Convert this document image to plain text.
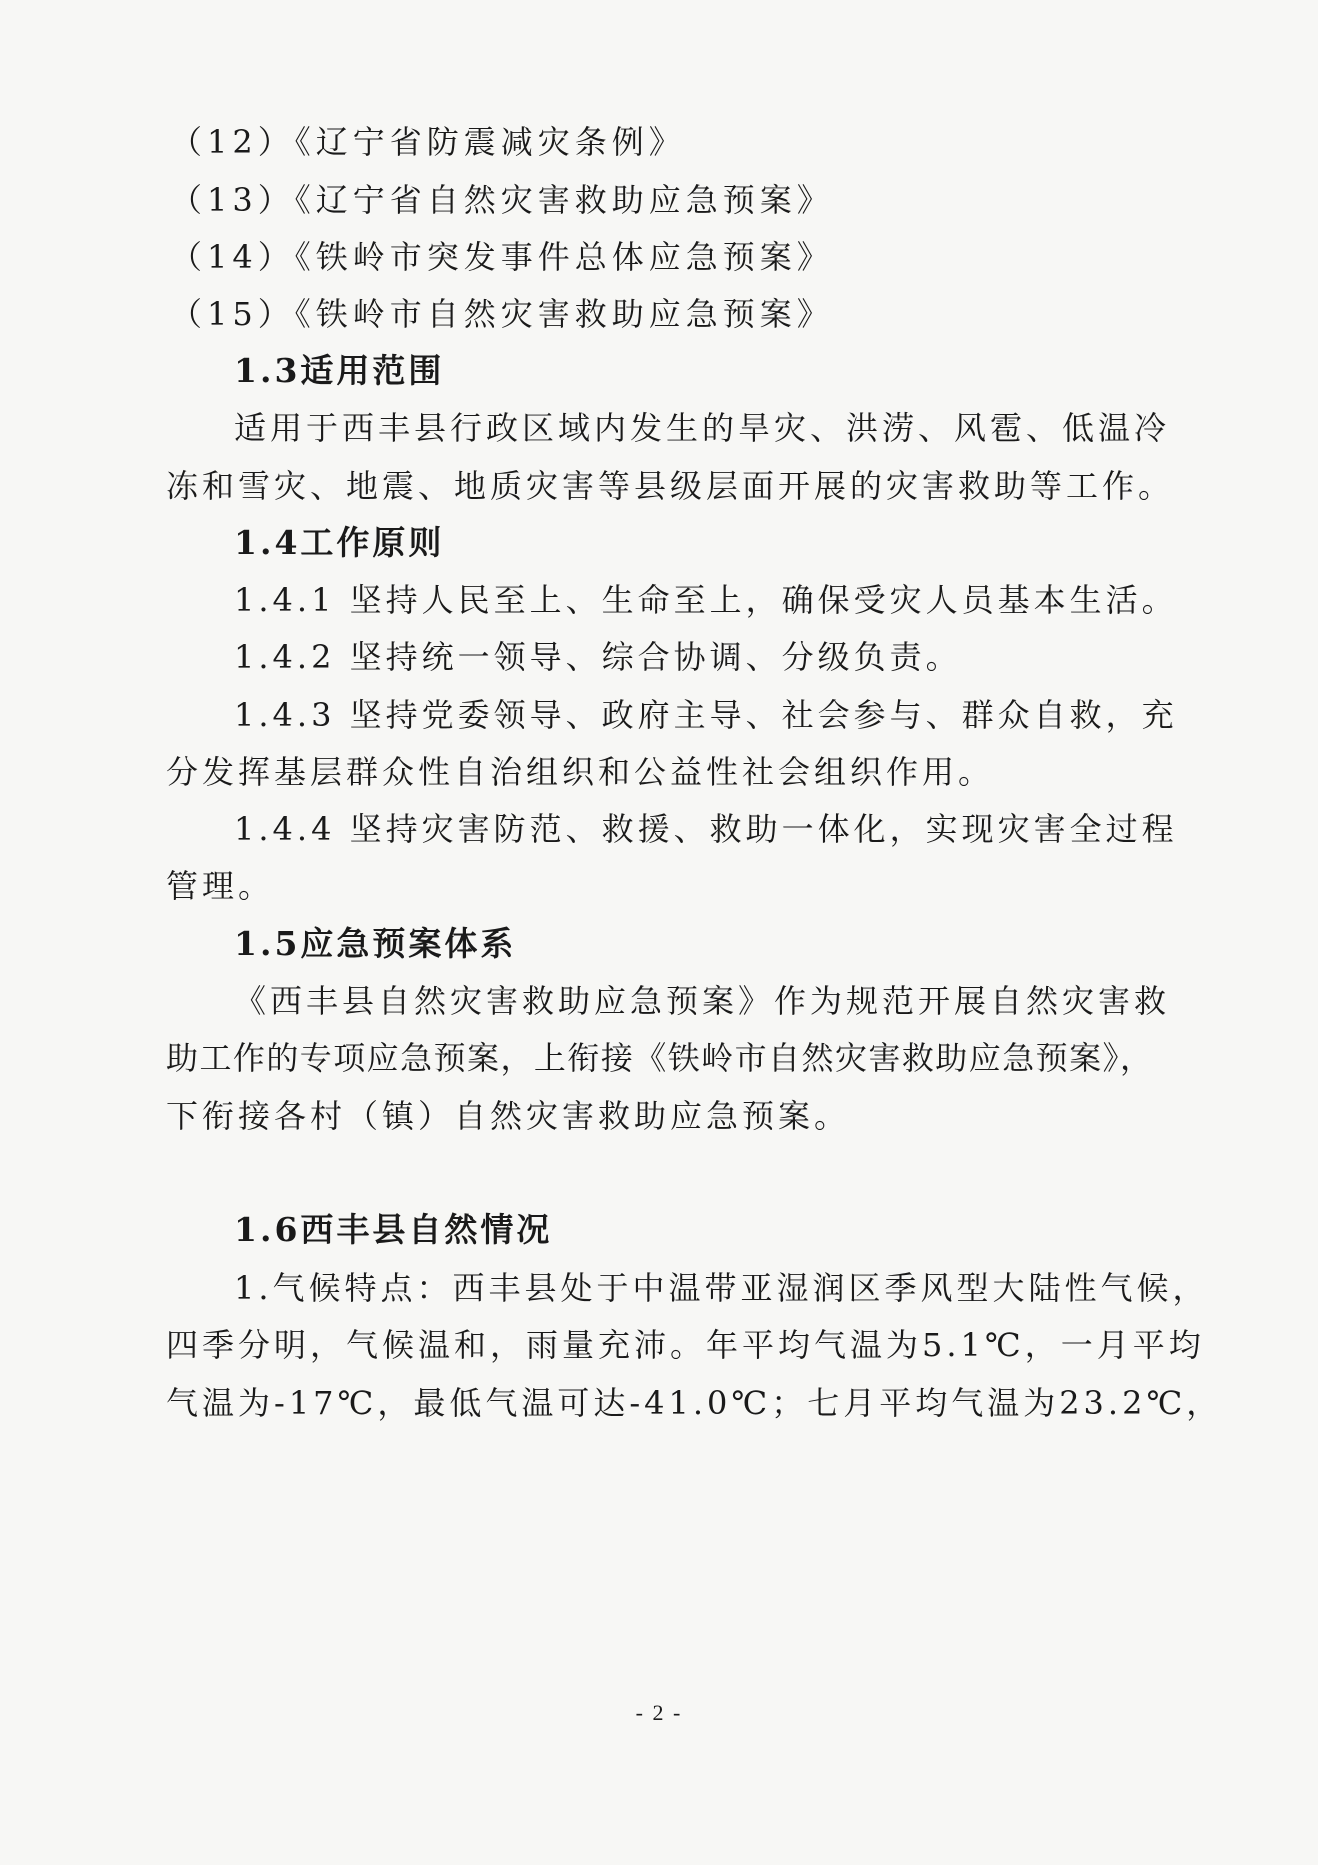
（12）《辽宁省防震减灾条例》
（13）《辽宁省自然灾害救助应急预案》
（14）《铁岭市突发事件总体应急预案》
（15）《铁岭市自然灾害救助应急预案》
1.3适用范围
适用于西丰县行政区域内发生的旱灾、洪涝、风雹、低温冷
冻和雪灾、地震、地质灾害等县级层面开展的灾害救助等工作。
1.4工作原则
1.4.1 坚持人民至上、生命至上，确保受灾人员基本生活。
1.4.2 坚持统一领导、综合协调、分级负责。
1.4.3 坚持党委领导、政府主导、社会参与、群众自救，充
分发挥基层群众性自治组织和公益性社会组织作用。
1.4.4 坚持灾害防范、救援、救助一体化，实现灾害全过程
管理。
1.5应急预案体系
《西丰县自然灾害救助应急预案》作为规范开展自然灾害救
助工作的专项应急预案，上衔接《铁岭市自然灾害救助应急预案》，
下衔接各村（镇）自然灾害救助应急预案。
1.6西丰县自然情况
1.气候特点：西丰县处于中温带亚湿润区季风型大陆性气候，
四季分明，气候温和，雨量充沛。年平均气温为5.1℃，一月平均
气温为-17℃，最低气温可达-41.0℃；七月平均气温为23.2℃，
- 2 -
